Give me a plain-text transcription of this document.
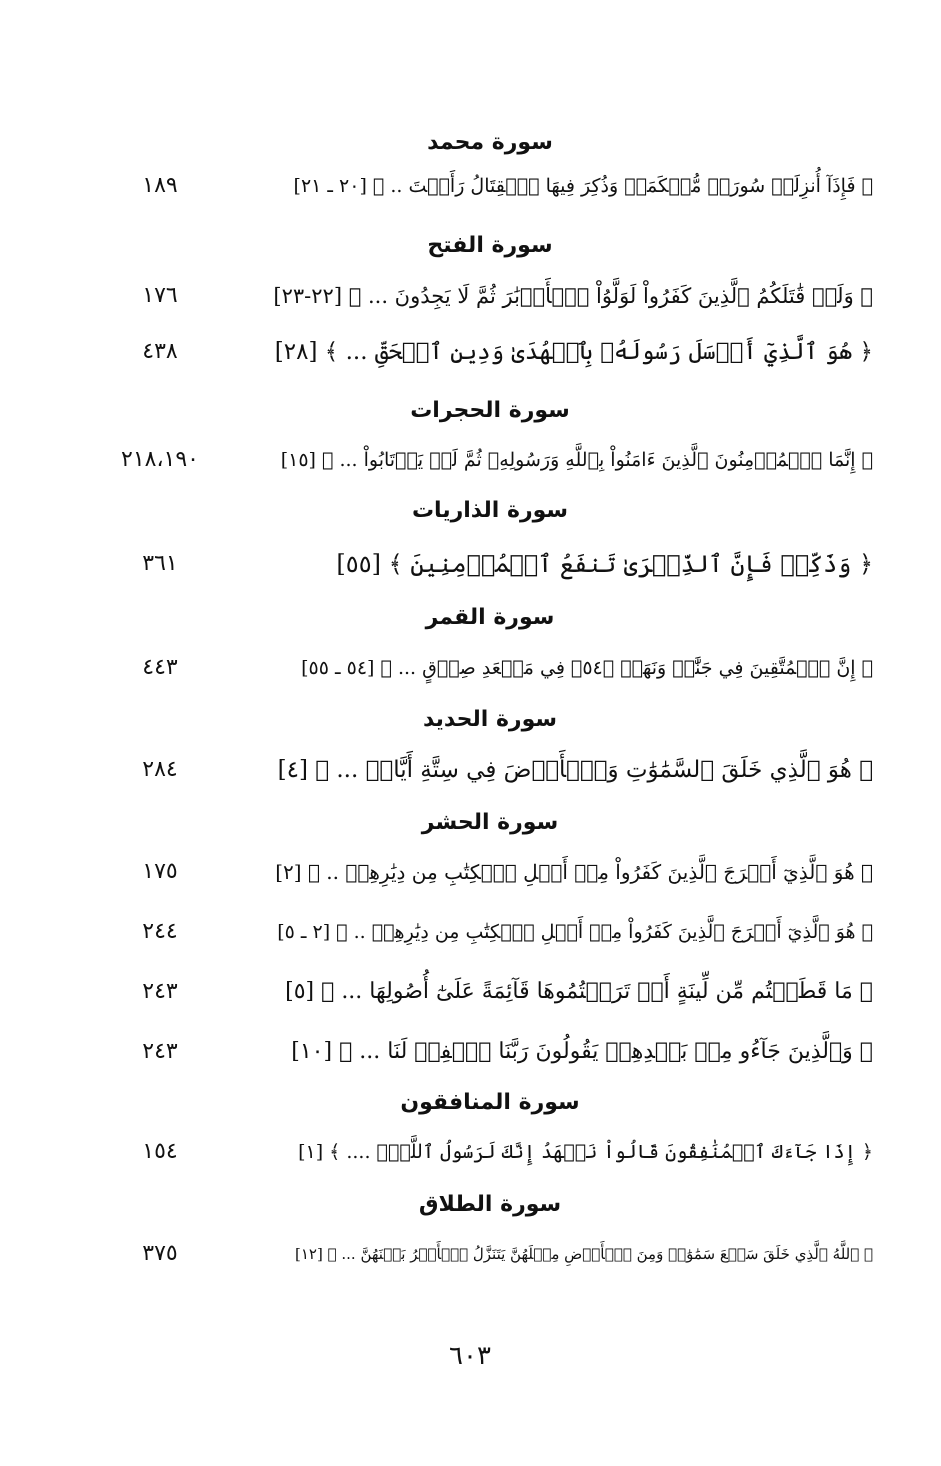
سورة محمد
﴿ فَإِذَآ أُنزِلَتۡ سُورَةٞ مُّحۡكَمَةٞ وَذُكِرَ فِيهَا ٱلۡقِتَالُ رَأَيۡتَ .. ﴾ [٢٠ ـ ٢١]
١٨٩
سورة الفتح
﴿ وَلَوۡ قَٰتَلَكُمُ ٱلَّذِينَ كَفَرُواْ لَوَلَّوُاْ ٱلۡأَدۡبَٰرَ ثُمَّ لَا يَجِدُونَ ... ﴾ [٢٢-٢٣]
١٧٦
﴿ هُوَ ٱلَّذِيٓ أَرۡسَلَ رَسُولَهُۥ بِٱلۡهُدَىٰ وَدِينِ ٱلۡحَقِّ ... ﴾ [٢٨]
٤٣٨
سورة الحجرات
﴿ إِنَّمَا ٱلۡمُؤۡمِنُونَ ٱلَّذِينَ ءَامَنُواْ بِٱللَّهِ وَرَسُولِهِۦ ثُمَّ لَمۡ يَرۡتَابُواْ ... ﴾ [١٥]
٢١٨،١٩٠
سورة الذاريات
﴿ وَذَكِّرۡ فَإِنَّ ٱلذِّكۡرَىٰ تَنفَعُ ٱلۡمُؤۡمِنِينَ ﴾ [٥٥]
٣٦١
سورة القمر
﴿ إِنَّ ٱلۡمُتَّقِينَ فِي جَنَّٰتٖ وَنَهَرٖ ﴿٥٤﴾ فِي مَقۡعَدِ صِدۡقٍ ... ﴾ [٥٤ ـ ٥٥]
٤٤٣
سورة الحديد
﴿ هُوَ ٱلَّذِي خَلَقَ ٱلسَّمَٰوَٰتِ وَٱلۡأَرۡضَ فِي سِتَّةِ أَيَّامٖ ... ﴾ [٤]
٢٨٤
سورة الحشر
﴿ هُوَ ٱلَّذِيٓ أَخۡرَجَ ٱلَّذِينَ كَفَرُواْ مِنۡ أَهۡلِ ٱلۡكِتَٰبِ مِن دِيَٰرِهِمۡ .. ﴾ [٢]
١٧٥
﴿ هُوَ ٱلَّذِيٓ أَخۡرَجَ ٱلَّذِينَ كَفَرُواْ مِنۡ أَهۡلِ ٱلۡكِتَٰبِ مِن دِيَٰرِهِمۡ .. ﴾ [٢ ـ ٥]
٢٤٤
﴿ مَا قَطَعۡتُم مِّن لِّينَةٍ أَوۡ تَرَكۡتُمُوهَا قَآئِمَةً عَلَىٰٓ أُصُولِهَا ... ﴾ [٥]
٢٤٣
﴿ وَٱلَّذِينَ جَآءُو مِنۢ بَعۡدِهِمۡ يَقُولُونَ رَبَّنَا ٱغۡفِرۡ لَنَا ... ﴾ [١٠]
٢٤٣
سورة المنافقون
﴿ إِذَا جَآءَكَ ٱلۡمُنَٰفِقُونَ قَالُواْ نَشۡهَدُ إِنَّكَ لَرَسُولُ ٱللَّهِۗ .... ﴾ [١]
١٥٤
سورة الطلاق
﴿ ٱللَّهُ ٱلَّذِي خَلَقَ سَبۡعَ سَمَٰوَٰتٖ وَمِنَ ٱلۡأَرۡضِ مِثۡلَهُنَّ يَتَنَزَّلُ ٱلۡأَمۡرُ بَيۡنَهُنَّ ... ﴾ [١٢]
٣٧٥
٦٠٣
